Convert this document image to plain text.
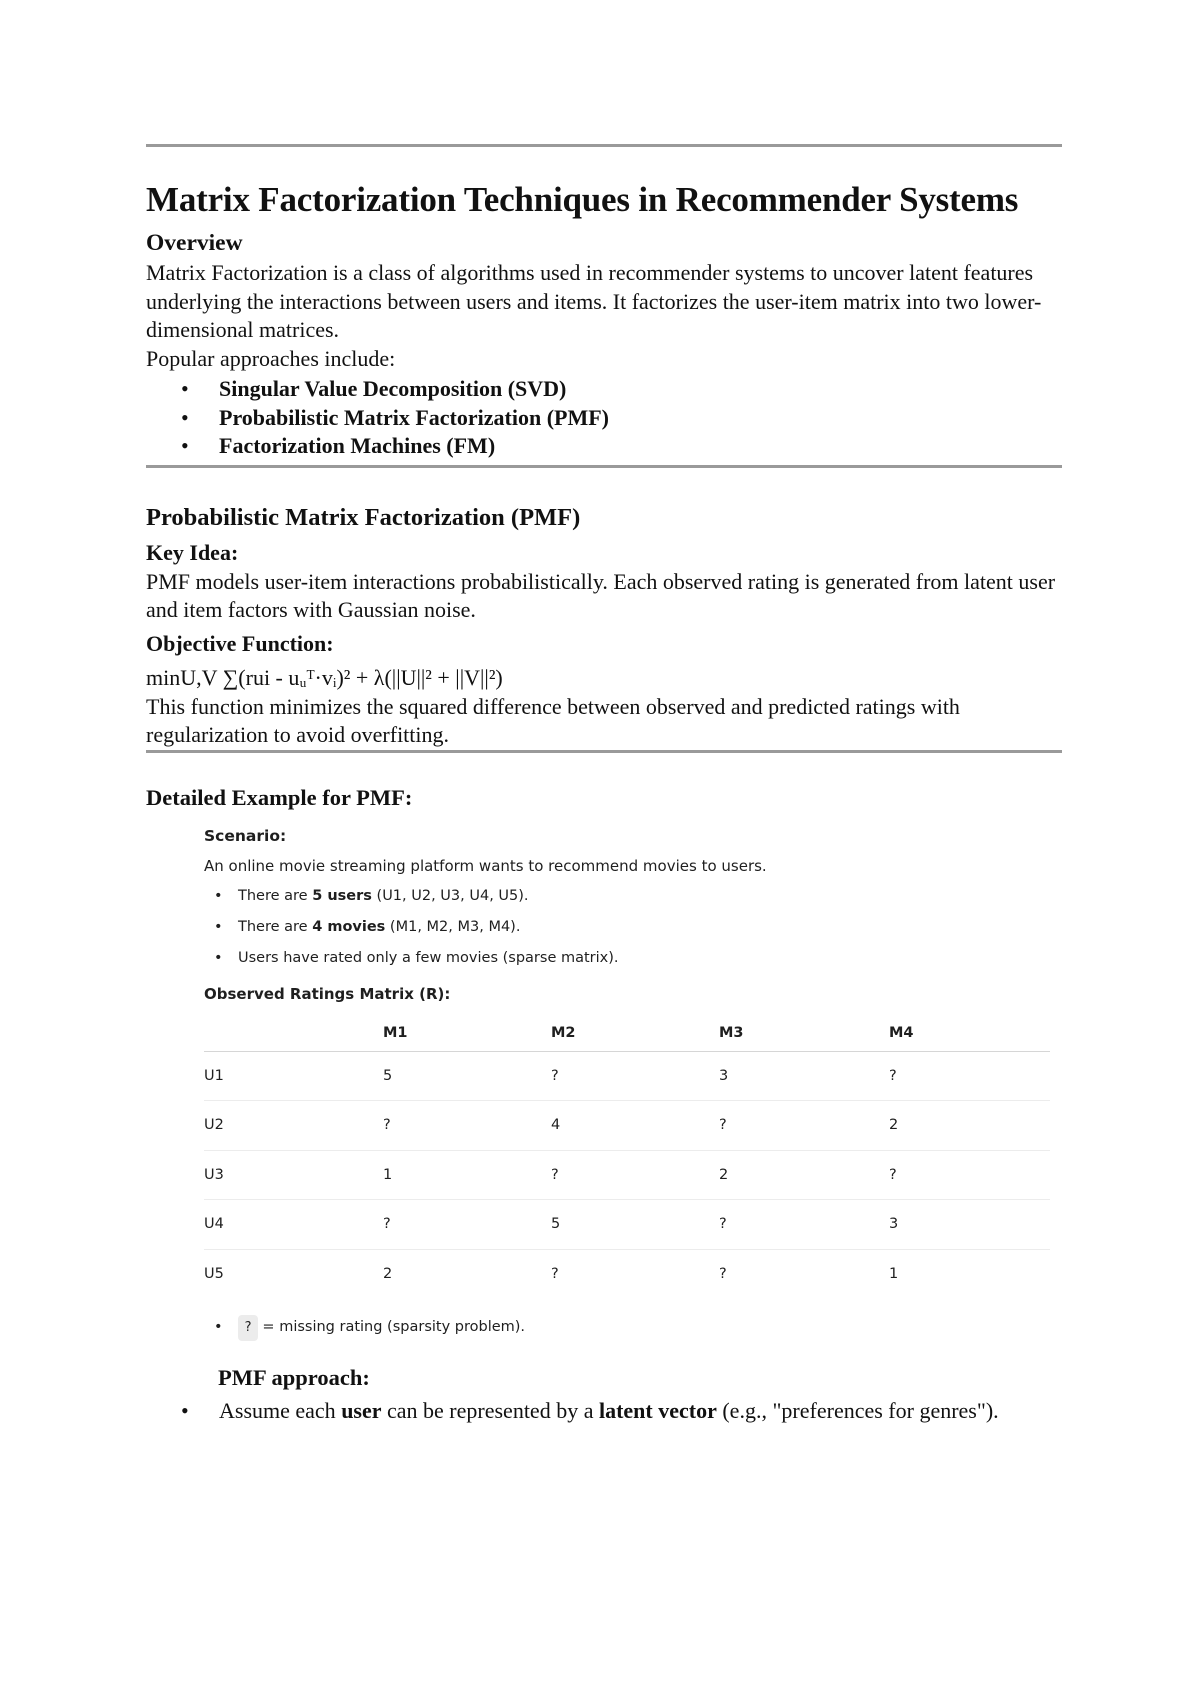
Matrix Factorization Techniques in Recommender Systems
Overview

Matrix Factorization is a class of algorithms used in recommender systems to uncover latent features underlying the interactions between users and items. It factorizes the user-item matrix into two lower-dimensional matrices.

Popular approaches include:

• Singular Value Decomposition (SVD)
• Probabilistic Matrix Factorization (PMF)
• Factorization Machines (FM)
Probabilistic Matrix Factorization (PMF)
Key Idea:

PMF models user-item interactions probabilistically. Each observed rating is generated from latent user and item factors with Gaussian noise.

Objective Function:
minU,V ∑(rui - uᵤᵀ·vᵢ)² + λ(||U||² + ||V||²)

This function minimizes the squared difference between observed and predicted ratings with regularization to avoid overfitting.

Detailed Example for PMF:
Scenario:
An online movie streaming platform wants to recommend movies to users.
• There are 5 users (U1, U2, U3, U4, U5).
• There are 4 movies (M1, M2, M3, M4).
• Users have rated only a few movies (sparse matrix).
Observed Ratings Matrix (R):
	M1	M2	M3	M4
U1	5	?	3	?
U2	?	4	?	2
U3	1	?	2	?
U4	?	5	?	3
U5	2	?	?	1
• ? = missing rating (sparsity problem).
PMF approach:
• Assume each user can be represented by a latent vector (e.g., "preferences for genres").
